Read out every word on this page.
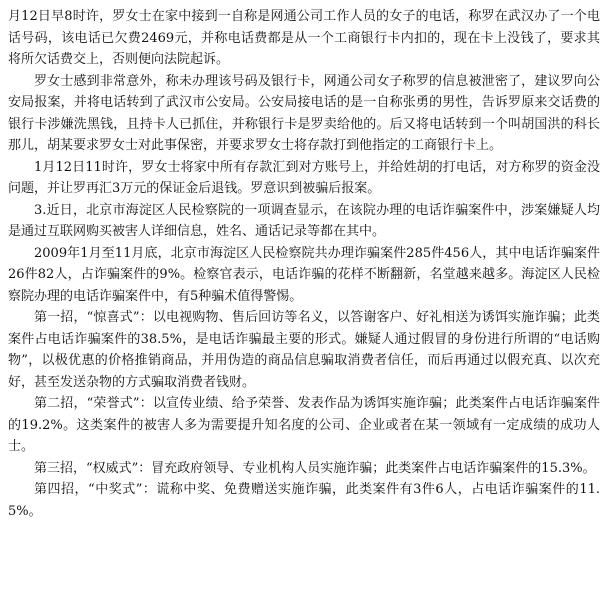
月12日早8时许，罗女士在家中接到一自称是网通公司工作人员的女子的电话，称罗在武汉办了一个电话号码，该电话已欠费2469元，并称电话费都是从一个工商银行卡内扣的，现在卡上没钱了，要求其将所欠话费交上，否则便向法院起诉。

罗女士感到非常意外，称未办理该号码及银行卡，网通公司女子称罗的信息被泄密了，建议罗向公安局报案，并将电话转到了武汉市公安局。公安局接电话的是一自称张勇的男性，告诉罗原来交话费的银行卡涉嫌洗黑钱，且持卡人已抓住，并称银行卡是罗卖给他的。后又将电话转到一个叫胡国洪的科长那儿，胡某要求罗女士对此事保密，并要求罗女士将存款打到他指定的工商银行卡上。

1月12日11时许，罗女士将家中所有存款汇到对方账号上，并给姓胡的打电话，对方称罗的资金没问题，并让罗再汇3万元的保证金后退钱。罗意识到被骗后报案。

3.近日，北京市海淀区人民检察院的一项调查显示，在该院办理的电话诈骗案件中，涉案嫌疑人均是通过互联网购买被害人详细信息，姓名、通话记录等都在其中。

2009年1月至11月底，北京市海淀区人民检察院共办理诈骗案件285件456人，其中电话诈骗案件26件82人，占诈骗案件的9%。检察官表示，电话诈骗的花样不断翻新，名堂越来越多。海淀区人民检察院办理的电话诈骗案件中，有5种骗术值得警惕。

第一招，“惊喜式”：以电视购物、售后回访等名义，以答谢客户、好礼相送为诱饵实施诈骗；此类案件占电话诈骗案件的38.5%，是电话诈骗最主要的形式。嫌疑人通过假冒的身份进行所谓的“电话购物”，以极优惠的价格推销商品，并用伪造的商品信息骗取消费者信任，而后再通过以假充真、以次充好，甚至发送杂物的方式骗取消费者钱财。

第二招，“荣誉式”：以宣传业绩、给予荣誉、发表作品为诱饵实施诈骗；此类案件占电话诈骗案件的19.2%。这类案件的被害人多为需要提升知名度的公司、企业或者在某一领域有一定成绩的成功人士。

第三招，“权威式”：冒充政府领导、专业机构人员实施诈骗；此类案件占电话诈骗案件的15.3%。

第四招，“中奖式”：谎称中奖、免费赠送实施诈骗，此类案件有3件6人，占电话诈骗案件的11.5%。
